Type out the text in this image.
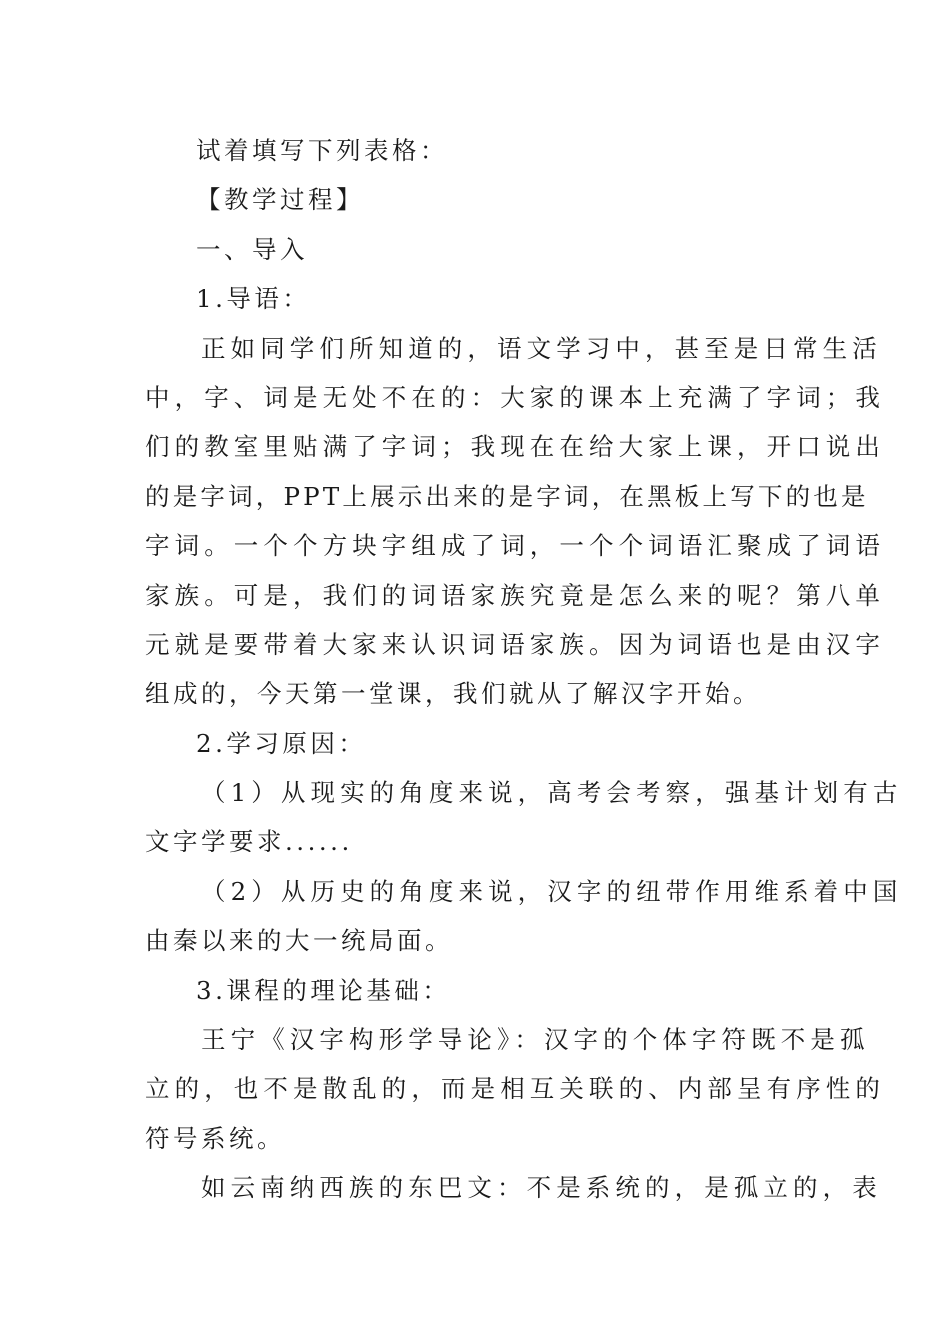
试着填写下列表格：
【教学过程】
一、导入
1.导语：
正如同学们所知道的，语文学习中，甚至是日常生活
中，字、词是无处不在的：大家的课本上充满了字词；我
们的教室里贴满了字词；我现在在给大家上课，开口说出
的是字词，PPT上展示出来的是字词，在黑板上写下的也是
字词。一个个方块字组成了词，一个个词语汇聚成了词语
家族。可是，我们的词语家族究竟是怎么来的呢？第八单
元就是要带着大家来认识词语家族。因为词语也是由汉字
组成的，今天第一堂课，我们就从了解汉字开始。
2.学习原因：
（1）从现实的角度来说，高考会考察，强基计划有古
文字学要求......
（2）从历史的角度来说，汉字的纽带作用维系着中国
由秦以来的大一统局面。
3.课程的理论基础：
王宁《汉字构形学导论》：汉字的个体字符既不是孤
立的，也不是散乱的，而是相互关联的、内部呈有序性的
符号系统。
如云南纳西族的东巴文：不是系统的，是孤立的，表
